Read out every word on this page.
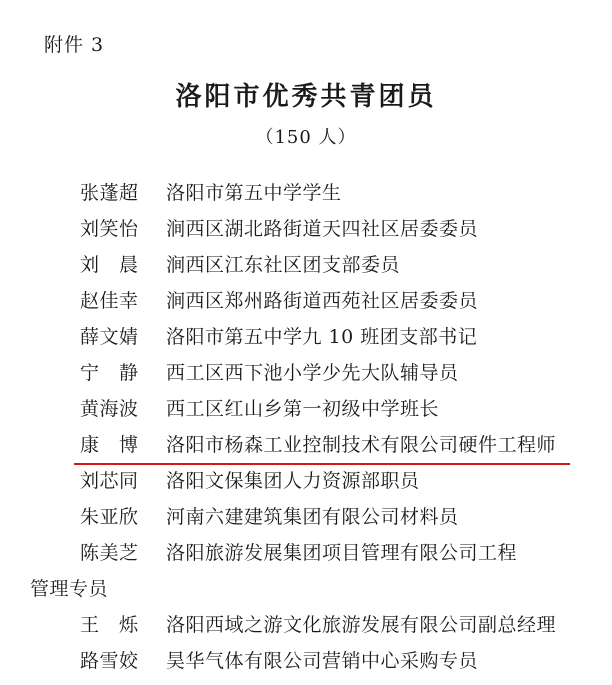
附件 3
洛阳市优秀共青团员
（150 人）
张蓬超	洛阳市第五中学学生
刘笑怡	涧西区湖北路街道天四社区居委委员
刘　晨	涧西区江东社区团支部委员
赵佳幸	涧西区郑州路街道西苑社区居委委员
薛文婧	洛阳市第五中学九 10 班团支部书记
宁　静	西工区西下池小学少先大队辅导员
黄海波	西工区红山乡第一初级中学班长
康　博	洛阳市杨森工业控制技术有限公司硬件工程师
刘芯同	洛阳文保集团人力资源部职员
朱亚欣	河南六建建筑集团有限公司材料员
陈美芝	洛阳旅游发展集团项目管理有限公司工程
管理专员
王　烁	洛阳西域之游文化旅游发展有限公司副总经理
路雪姣	昊华气体有限公司营销中心采购专员
